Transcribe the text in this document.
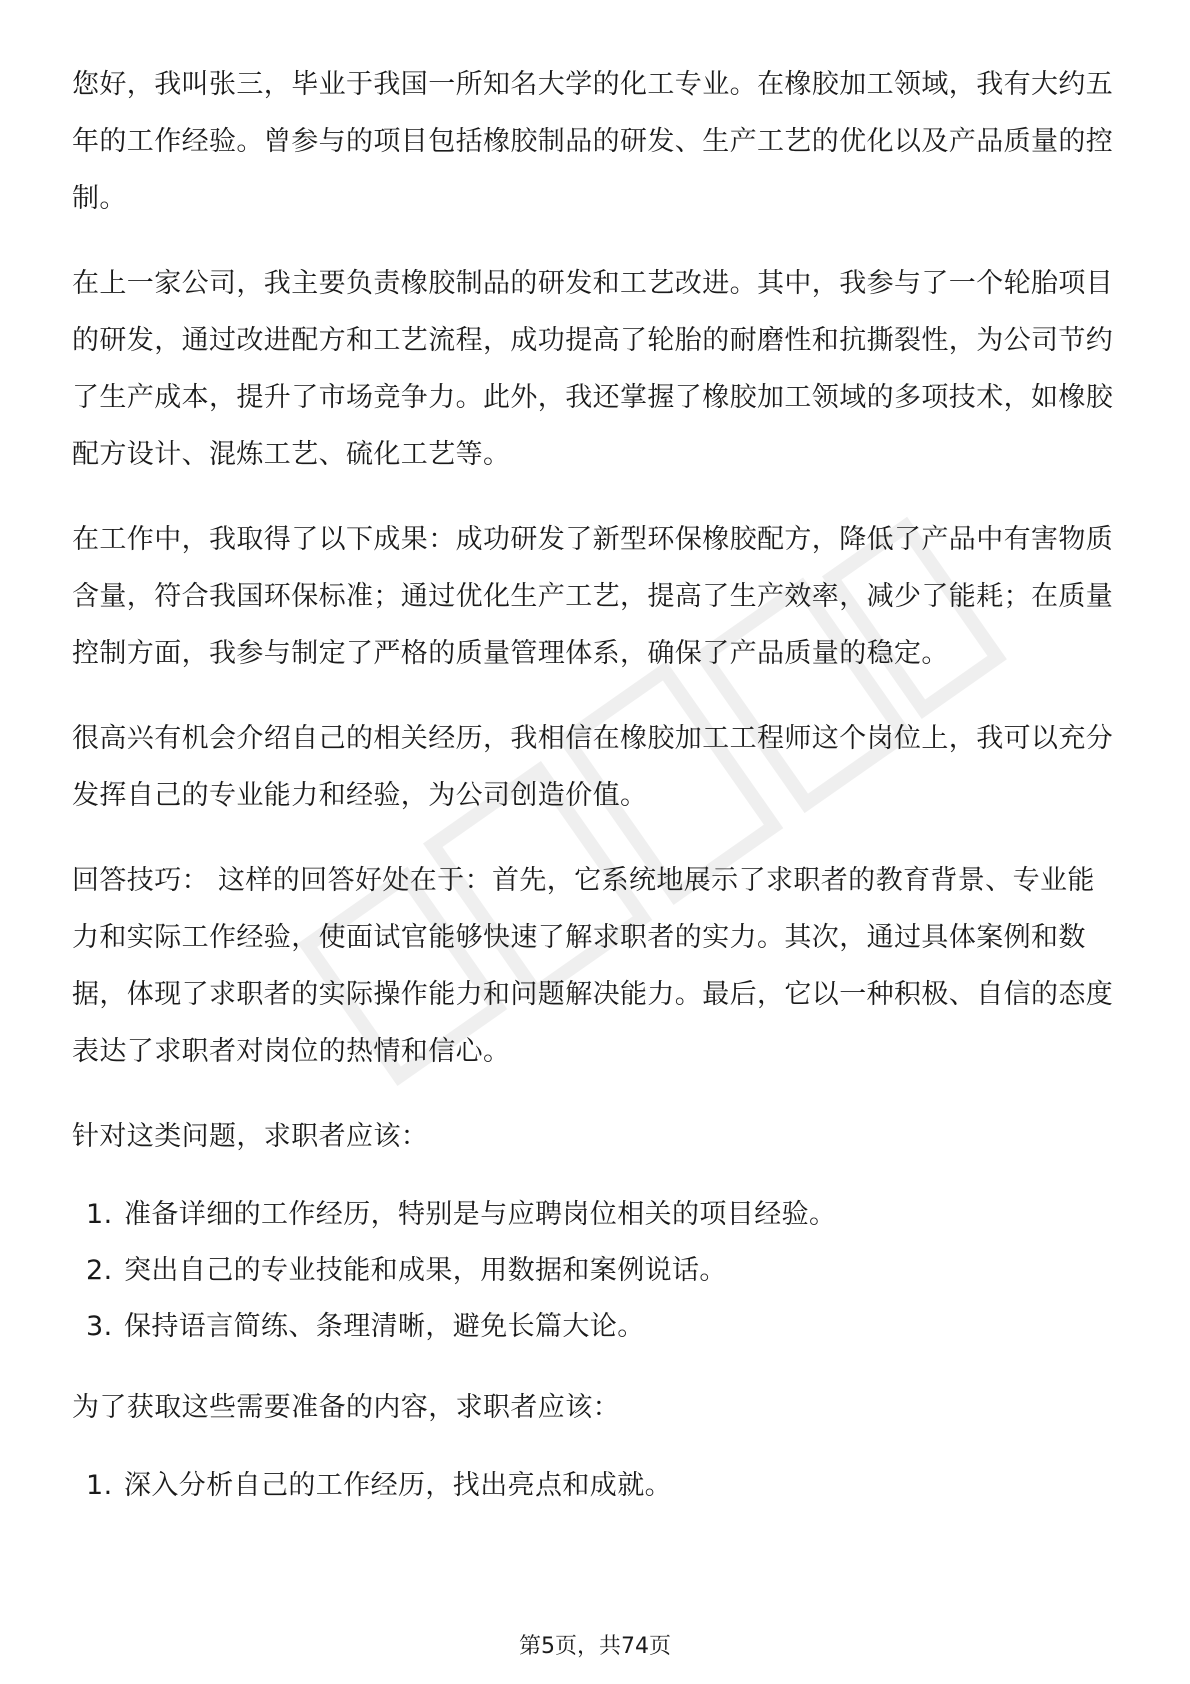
您好，我叫张三，毕业于我国一所知名大学的化工专业。在橡胶加工领域，我有大约五年的工作经验。曾参与的项目包括橡胶制品的研发、生产工艺的优化以及产品质量的控制。

在上一家公司，我主要负责橡胶制品的研发和工艺改进。其中，我参与了一个轮胎项目的研发，通过改进配方和工艺流程，成功提高了轮胎的耐磨性和抗撕裂性，为公司节约了生产成本，提升了市场竞争力。此外，我还掌握了橡胶加工领域的多项技术，如橡胶配方设计、混炼工艺、硫化工艺等。

在工作中，我取得了以下成果：成功研发了新型环保橡胶配方，降低了产品中有害物质含量，符合我国环保标准；通过优化生产工艺，提高了生产效率，减少了能耗；在质量控制方面，我参与制定了严格的质量管理体系，确保了产品质量的稳定。

很高兴有机会介绍自己的相关经历，我相信在橡胶加工工程师这个岗位上，我可以充分发挥自己的专业能力和经验，为公司创造价值。

回答技巧： 这样的回答好处在于：首先，它系统地展示了求职者的教育背景、专业能力和实际工作经验，使面试官能够快速了解求职者的实力。其次，通过具体案例和数据，体现了求职者的实际操作能力和问题解决能力。最后，它以一种积极、自信的态度表达了求职者对岗位的热情和信心。

针对这类问题，求职者应该：

1. 准备详细的工作经历，特别是与应聘岗位相关的项目经验。
2. 突出自己的专业技能和成果，用数据和案例说话。
3. 保持语言简练、条理清晰，避免长篇大论。

为了获取这些需要准备的内容，求职者应该：

1. 深入分析自己的工作经历，找出亮点和成就。
第5页，共74页
